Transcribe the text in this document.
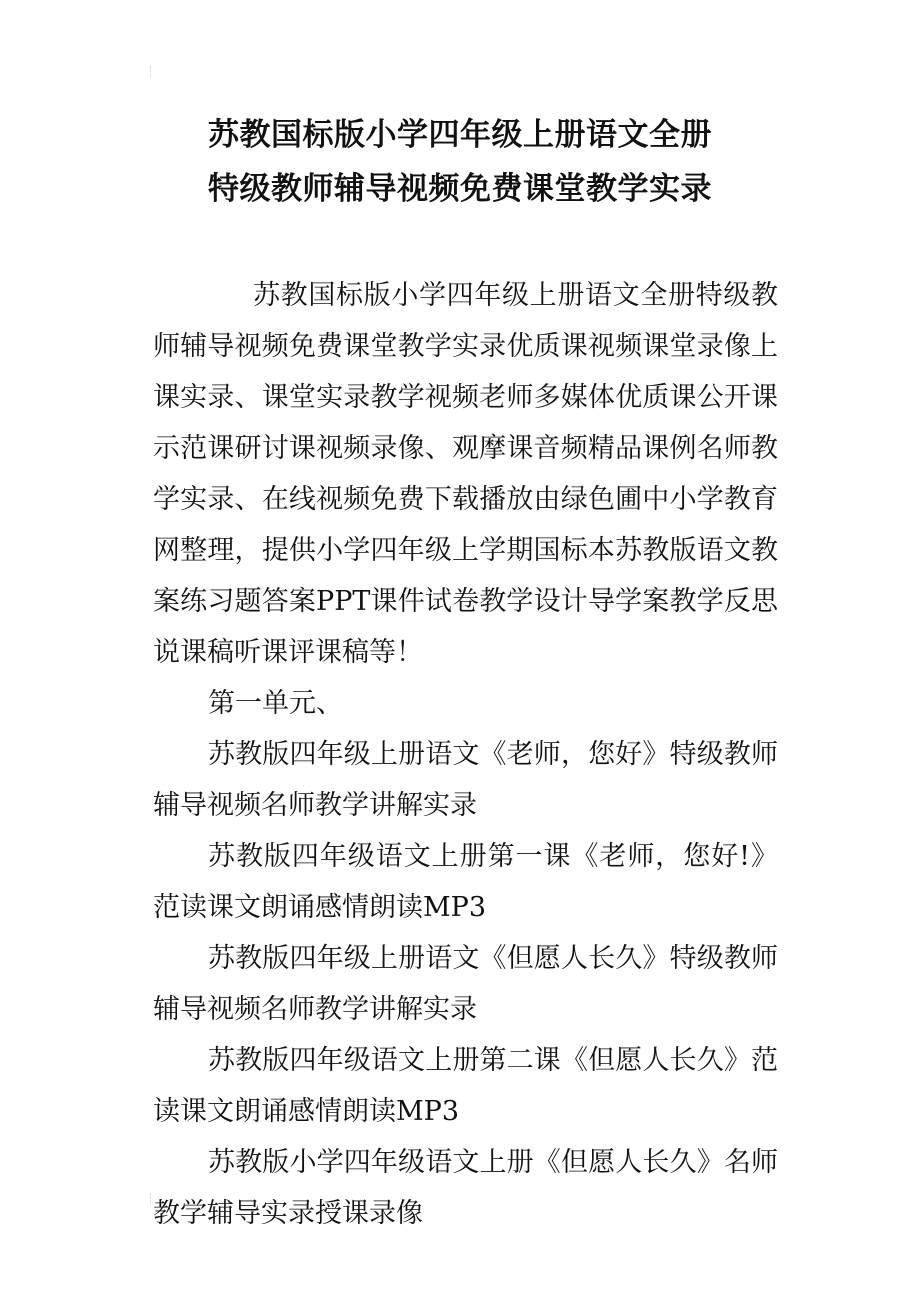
苏教国标版小学四年级上册语文全册
特级教师辅导视频免费课堂教学实录

苏教国标版小学四年级上册语文全册特级教师辅导视频免费课堂教学实录优质课视频课堂录像上课实录、课堂实录教学视频老师多媒体优质课公开课示范课研讨课视频录像、观摩课音频精品课例名师教学实录、在线视频免费下载播放由绿色圃中小学教育网整理，提供小学四年级上学期国标本苏教版语文教案练习题答案PPT课件试卷教学设计导学案教学反思说课稿听课评课稿等！

第一单元、

苏教版四年级上册语文《老师，您好》特级教师辅导视频名师教学讲解实录

苏教版四年级语文上册第一课《老师，您好!》范读课文朗诵感情朗读MP3

苏教版四年级上册语文《但愿人长久》特级教师辅导视频名师教学讲解实录

苏教版四年级语文上册第二课《但愿人长久》范读课文朗诵感情朗读MP3

苏教版小学四年级语文上册《但愿人长久》名师教学辅导实录授课录像
